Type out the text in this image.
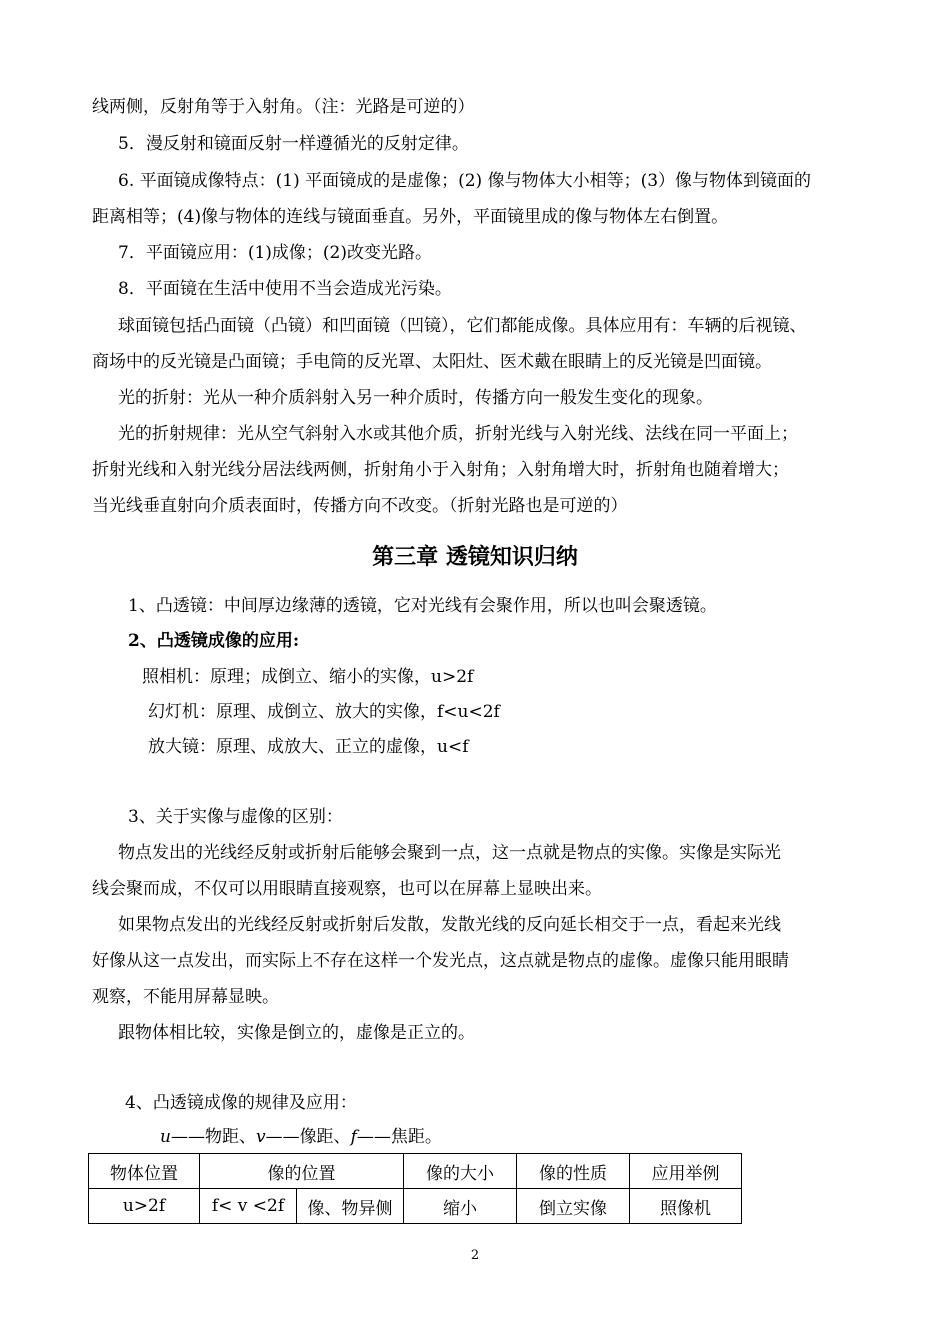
线两侧，反射角等于入射角。（注：光路是可逆的）
5．漫反射和镜面反射一样遵循光的反射定律。
6. 平面镜成像特点：(1) 平面镜成的是虚像；(2) 像与物体大小相等；(3）像与物体到镜面的
距离相等；(4)像与物体的连线与镜面垂直。另外，平面镜里成的像与物体左右倒置。
7．平面镜应用：(1)成像；(2)改变光路。
8．平面镜在生活中使用不当会造成光污染。
球面镜包括凸面镜（凸镜）和凹面镜（凹镜），它们都能成像。具体应用有：车辆的后视镜、
商场中的反光镜是凸面镜；手电筒的反光罩、太阳灶、医术戴在眼睛上的反光镜是凹面镜。
光的折射：光从一种介质斜射入另一种介质时，传播方向一般发生变化的现象。
光的折射规律：光从空气斜射入水或其他介质，折射光线与入射光线、法线在同一平面上；
折射光线和入射光线分居法线两侧，折射角小于入射角；入射角增大时，折射角也随着增大；
当光线垂直射向介质表面时，传播方向不改变。（折射光路也是可逆的）
第三章 透镜知识归纳
1、凸透镜：中间厚边缘薄的透镜，它对光线有会聚作用，所以也叫会聚透镜。
2、凸透镜成像的应用:
照相机：原理；成倒立、缩小的实像，u>2f
幻灯机：原理、成倒立、放大的实像，f<u<2f
放大镜：原理、成放大、正立的虚像，u<f
3、关于实像与虚像的区别：
物点发出的光线经反射或折射后能够会聚到一点，这一点就是物点的实像。实像是实际光
线会聚而成，不仅可以用眼睛直接观察，也可以在屏幕上显映出来。
如果物点发出的光线经反射或折射后发散，发散光线的反向延长相交于一点，看起来光线
好像从这一点发出，而实际上不存在这样一个发光点，这点就是物点的虚像。虚像只能用眼睛
观察，不能用屏幕显映。
跟物体相比较，实像是倒立的，虚像是正立的。
4、凸透镜成像的规律及应用：
u——物距、v——像距、f——焦距。
物体位置	像的位置		像的大小	像的性质	应用举例
u>2f	f< v <2f	像、物异侧	缩小	倒立实像	照像机
2
